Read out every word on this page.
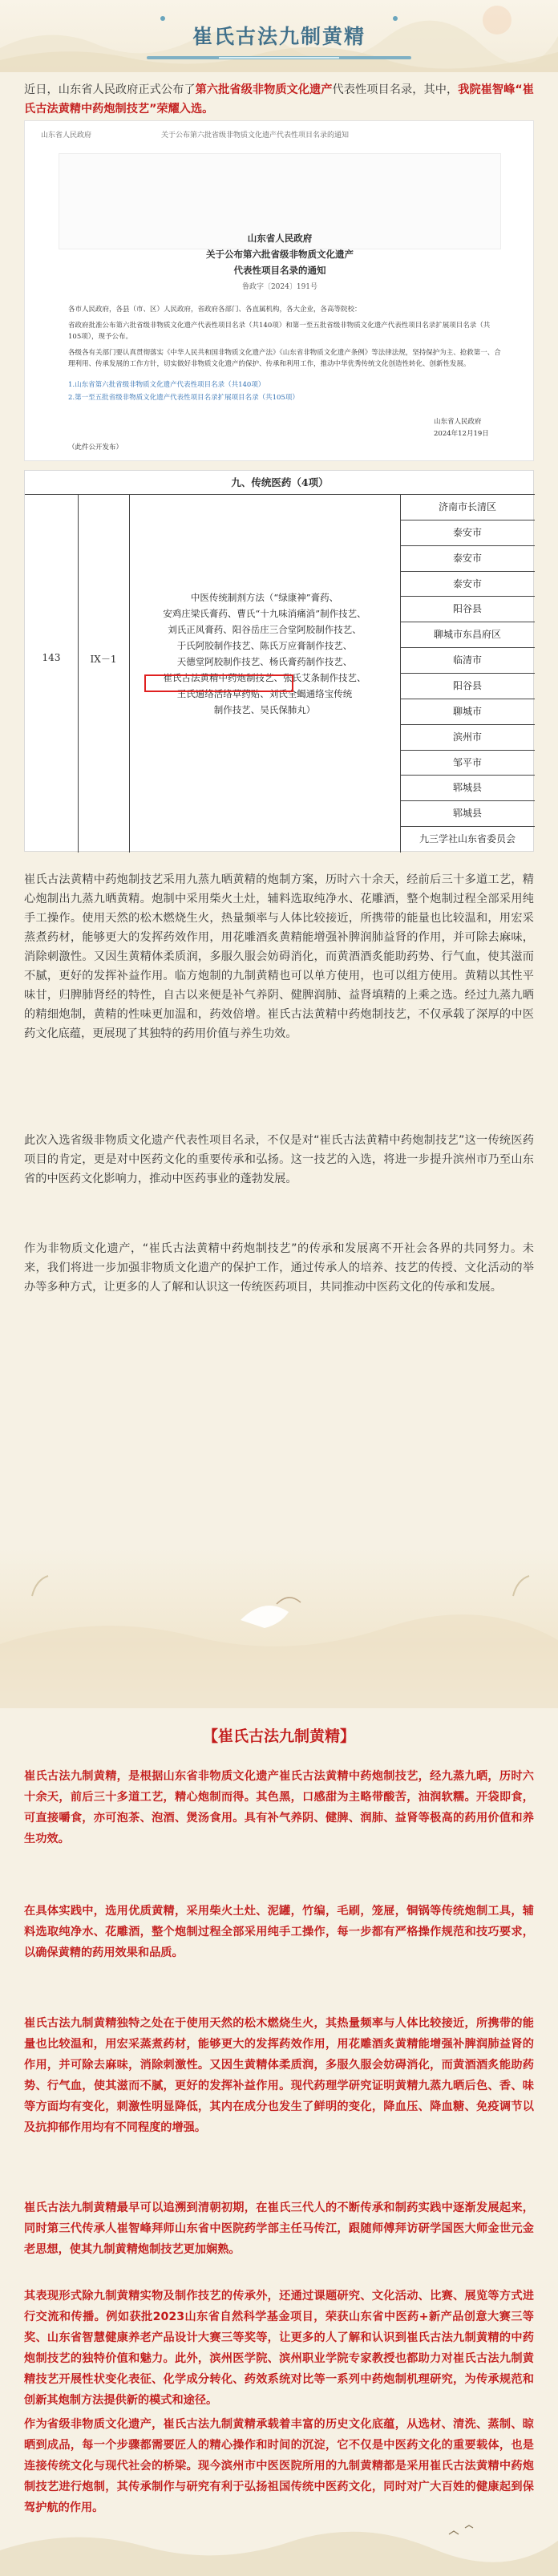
崔氏古法九制黄精
近日，山东省人民政府正式公布了第六批省级非物质文化遗产代表性项目名录，其中，我院崔智峰“崔氏古法黄精中药炮制技艺”荣耀入选。
山东省人民政府	关于公布第六批省级非物质文化遗产代表性项目名录的通知
山东省人民政府
关于公布第六批省级非物质文化遗产
代表性项目名录的通知
鲁政字〔2024〕191号
各市人民政府，各县（市、区）人民政府，省政府各部门、各直属机构，各大企业，各高等院校：
省政府批准公布第六批省级非物质文化遗产代表性项目名录（共140项）和第一至五批省级非物质文化遗产代表性项目名录扩展项目名录（共105项），现予公布。
各级各有关部门要认真贯彻落实《中华人民共和国非物质文化遗产法》《山东省非物质文化遗产条例》等法律法规，坚持保护为主、抢救第一、合理利用、传承发展的工作方针，切实做好非物质文化遗产的保护、传承和利用工作，推动中华优秀传统文化创造性转化、创新性发展。
1.山东省第六批省级非物质文化遗产代表性项目名录（共140项）
2.第一至五批省级非物质文化遗产代表性项目名录扩展项目名录（共105项）
山东省人民政府
2024年12月19日
（此件公开发布）
九、传统医药（4项）
143	IX－1
中医传统制剂方法（“绿康神”膏药、
安鸡庄梁氏膏药、曹氏“十九味消痛消”制作技艺、
刘氏正风膏药、阳谷岳庄三合堂阿胶制作技艺、
于氏阿胶制作技艺、陈氏万应膏制作技艺、
天德堂阿胶制作技艺、杨氏膏药制作技艺、
崔氏古法黄精中药炮制技艺、张氏艾条制作技艺、
王氏通络活络草药贴、刘氏全蝎通络宝传统
制作技艺、吴氏保肺丸）
济南市长清区
泰安市
泰安市
泰安市
阳谷县
聊城市东昌府区
临清市
阳谷县
聊城市
滨州市
邹平市
郓城县
郓城县
九三学社山东省委员会
崔氏古法黄精中药炮制技艺采用九蒸九晒黄精的炮制方案，历时六十余天，经前后三十多道工艺，精心炮制出九蒸九晒黄精。炮制中采用柴火土灶，辅料选取纯净水、花雕酒，整个炮制过程全部采用纯手工操作。使用天然的松木燃烧生火，热量频率与人体比较接近，所携带的能量也比较温和，用宏采蒸煮药材，能够更大的发挥药效作用，用花雕酒炙黄精能增强补脾润肺益肾的作用，并可除去麻味，消除刺激性。又因生黄精体柔质润，多服久服会妨碍消化，而黄酒酒炙能助药势、行气血，使其滋而不腻，更好的发挥补益作用。临方炮制的九制黄精也可以单方使用，也可以组方使用。黄精以其性平味甘，归脾肺肾经的特性，自古以来便是补气养阴、健脾润肺、益肾填精的上乘之选。经过九蒸九晒的精细炮制，黄精的性味更加温和，药效倍增。崔氏古法黄精中药炮制技艺，不仅承载了深厚的中医药文化底蕴，更展现了其独特的药用价值与养生功效。
此次入选省级非物质文化遗产代表性项目名录，不仅是对“崔氏古法黄精中药炮制技艺”这一传统医药项目的肯定，更是对中医药文化的重要传承和弘扬。这一技艺的入选，将进一步提升滨州市乃至山东省的中医药文化影响力，推动中医药事业的蓬勃发展。
作为非物质文化遗产，“崔氏古法黄精中药炮制技艺”的传承和发展离不开社会各界的共同努力。未来，我们将进一步加强非物质文化遗产的保护工作，通过传承人的培养、技艺的传授、文化活动的举办等多种方式，让更多的人了解和认识这一传统医药项目，共同推动中医药文化的传承和发展。
【崔氏古法九制黄精】
崔氏古法九制黄精，是根据山东省非物质文化遗产崔氏古法黄精中药炮制技艺，经九蒸九晒，历时六十余天，前后三十多道工艺，精心炮制而得。其色黑，口感甜为主略带酸苦，油润软糯。开袋即食，可直接嚼食，亦可泡茶、泡酒、煲汤食用。具有补气养阴、健脾、润肺、益肾等极高的药用价值和养生功效。
在具体实践中，选用优质黄精，采用柴火土灶、泥罐，竹编，毛刷，笼屉，铜锅等传统炮制工具，辅料选取纯净水、花雕酒，整个炮制过程全部采用纯手工操作，每一步都有严格操作规范和技巧要求，以确保黄精的药用效果和品质。
崔氏古法九制黄精独特之处在于使用天然的松木燃烧生火，其热量频率与人体比较接近，所携带的能量也比较温和，用宏采蒸煮药材，能够更大的发挥药效作用，用花雕酒炙黄精能增强补脾润肺益肾的作用，并可除去麻味，消除刺激性。又因生黄精体柔质润，多服久服会妨碍消化，而黄酒酒炙能助药势、行气血，使其滋而不腻，更好的发挥补益作用。现代药理学研究证明黄精九蒸九晒后色、香、味等方面均有变化，刺激性明显降低，其内在成分也发生了鲜明的变化，降血压、降血糖、免疫调节以及抗抑郁作用均有不同程度的增强。
崔氏古法九制黄精最早可以追溯到清朝初期，在崔氏三代人的不断传承和制药实践中逐渐发展起来，同时第三代传承人崔智峰拜师山东省中医院药学部主任马传江，跟随师傅拜访研学国医大师金世元金老思想，使其九制黄精炮制技艺更加娴熟。
其表现形式除九制黄精实物及制作技艺的传承外，还通过课题研究、文化活动、比赛、展览等方式进行交流和传播。例如获批2023山东省自然科学基金项目，荣获山东省中医药+新产品创意大赛三等奖、山东省智慧健康养老产品设计大赛三等奖等，让更多的人了解和认识到崔氏古法九制黄精的中药炮制技艺的独特价值和魅力。此外，滨州医学院、滨州职业学院专家教授也都助力对崔氏古法九制黄精技艺开展性状变化表征、化学成分转化、药效系统对比等一系列中药炮制机理研究，为传承规范和创新其炮制方法提供新的模式和途径。
作为省级非物质文化遗产，崔氏古法九制黄精承载着丰富的历史文化底蕴，从选材、清洗、蒸制、晾晒到成品，每一个步骤都需要匠人的精心操作和时间的沉淀，它不仅是中医药文化的重要载体，也是连接传统文化与现代社会的桥梁。现今滨州市中医医院所用的九制黄精都是采用崔氏古法黄精中药炮制技艺进行炮制，其传承制作与研究有利于弘扬祖国传统中医药文化，同时对广大百姓的健康起到保驾护航的作用。
